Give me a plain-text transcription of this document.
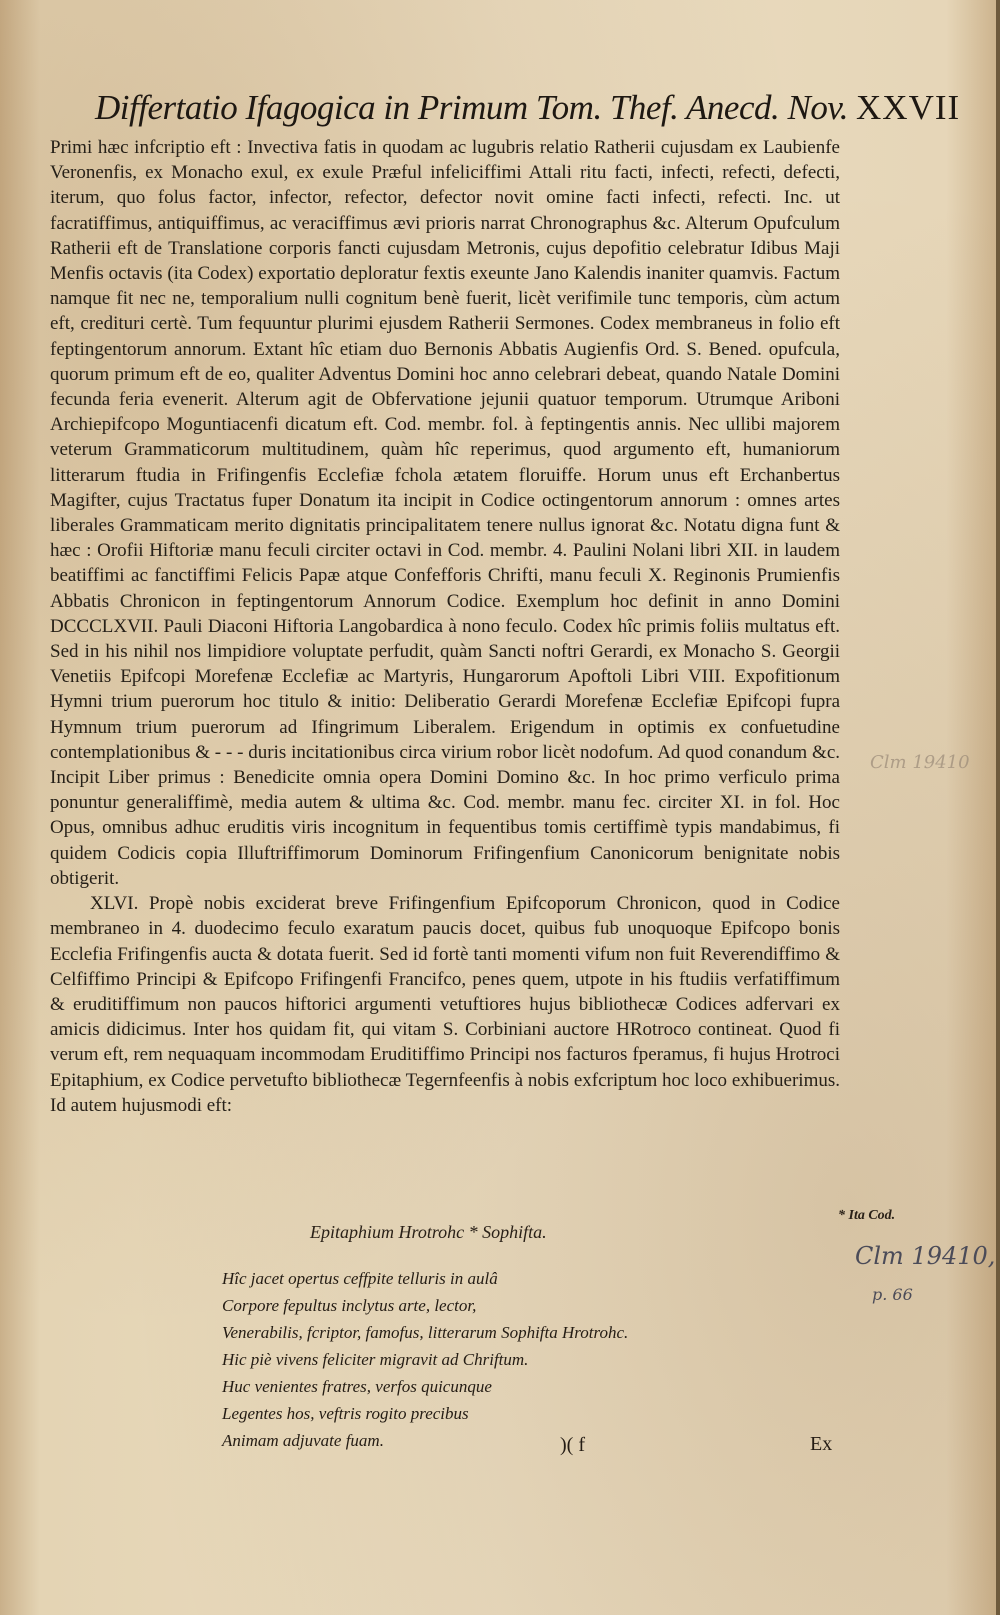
Differtatio Ifagogica in Primum Tom. Thef. Anecd. Nov. XXVII

Primi hæc infcriptio eft : Invectiva fatis in quodam ac lugubris relatio Ratherii cujusdam ex Laubienfe Veronenfis, ex Monacho exul, ex exule Præful infeliciffimi Attali ritu facti, infecti, refecti, defecti, iterum, quo folus factor, infector, refector, defector novit omine facti infecti, refecti. Inc. ut facratiffimus, antiquiffimus, ac veraciffimus ævi prioris narrat Chronographus &c. Alterum Opufculum Ratherii eft de Translatione corporis fancti cujusdam Metronis, cujus depofitio celebratur Idibus Maji Menfis octavis (ita Codex) exportatio deploratur fextis exeunte Jano Kalendis inaniter quamvis. Factum namque fit nec ne, temporalium nulli cognitum benè fuerit, licèt verifimile tunc temporis, cùm actum eft, credituri certè. Tum fequuntur plurimi ejusdem Ratherii Sermones. Codex membraneus in folio eft feptingentorum annorum. Extant hîc etiam duo Bernonis Abbatis Augienfis Ord. S. Bened. opufcula, quorum primum eft de eo, qualiter Adventus Domini hoc anno celebrari debeat, quando Natale Domini fecunda feria evenerit. Alterum agit de Obfervatione jejunii quatuor temporum. Utrumque Ariboni Archiepifcopo Moguntiacenfi dicatum eft. Cod. membr. fol. à feptingentis annis. Nec ullibi majorem veterum Grammaticorum multitudinem, quàm hîc reperimus, quod argumento eft, humaniorum litterarum ftudia in Frifingenfis Ecclefiæ fchola ætatem floruiffe. Horum unus eft Erchanbertus Magifter, cujus Tractatus fuper Donatum ita incipit in Codice octingentorum annorum : omnes artes liberales Grammaticam merito dignitatis principalitatem tenere nullus ignorat &c. Notatu digna funt & hæc : Orofii Hiftoriæ manu feculi circiter octavi in Cod. membr. 4. Paulini Nolani libri XII. in laudem beatiffimi ac fanctiffimi Felicis Papæ atque Confefforis Chrifti, manu feculi X. Reginonis Prumienfis Abbatis Chronicon in feptingentorum Annorum Codice. Exemplum hoc definit in anno Domini DCCCLXVII. Pauli Diaconi Hiftoria Langobardica à nono feculo. Codex hîc primis foliis multatus eft. Sed in his nihil nos limpidiore voluptate perfudit, quàm Sancti noftri Gerardi, ex Monacho S. Georgii Venetiis Epifcopi Morefenæ Ecclefiæ ac Martyris, Hungarorum Apoftoli Libri VIII. Expofitionum Hymni trium puerorum hoc titulo & initio: Deliberatio Gerardi Morefenæ Ecclefiæ Epifcopi fupra Hymnum trium puerorum ad Ifingrimum Liberalem. Erigendum in optimis ex confuetudine contemplationibus & - - - duris incitationibus circa virium robor licèt nodofum. Ad quod conandum &c. Incipit Liber primus : Benedicite omnia opera Domini Domino &c. In hoc primo verficulo prima ponuntur generaliffimè, media autem & ultima &c. Cod. membr. manu fec. circiter XI. in fol. Hoc Opus, omnibus adhuc eruditis viris incognitum in fequentibus tomis certiffimè typis mandabimus, fi quidem Codicis copia Illuftriffimorum Dominorum Frifingenfium Canonicorum benignitate nobis obtigerit.

XLVI. Propè nobis exciderat breve Frifingenfium Epifcoporum Chronicon, quod in Codice membraneo in 4. duodecimo feculo exaratum paucis docet, quibus fub unoquoque Epifcopo bonis Ecclefia Frifingenfis aucta & dotata fuerit. Sed id fortè tanti momenti vifum non fuit Reverendiffimo & Celfiffimo Principi & Epifcopo Frifingenfi Francifco, penes quem, utpote in his ftudiis verfatiffimum & eruditiffimum non paucos hiftorici argumenti vetuftiores hujus bibliothecæ Codices adfervari ex amicis didicimus. Inter hos quidam fit, qui vitam S. Corbiniani auctore HRotroco contineat. Quod fi verum eft, rem nequaquam incommodam Eruditiffimo Principi nos facturos fperamus, fi hujus Hrotroci Epitaphium, ex Codice pervetufto bibliothecæ Tegernfeenfis à nobis exfcriptum hoc loco exhibuerimus. Id autem hujusmodi eft:

Epitaphium Hrotrohc * Sophifta.
Hîc jacet opertus ceffpite telluris in aulâ
Corpore fepultus inclytus arte, lector,
Venerabilis, fcriptor, famofus, litterarum Sophifta Hrotrohc.
Hic piè vivens feliciter migravit ad Chriftum.
Huc venientes fratres, verfos quicunque
Legentes hos, veftris rogito precibus
Animam adjuvate fuam.
* Ita Cod.
Clm 19410,
p. 66
Clm 19410
)( f	Ex
